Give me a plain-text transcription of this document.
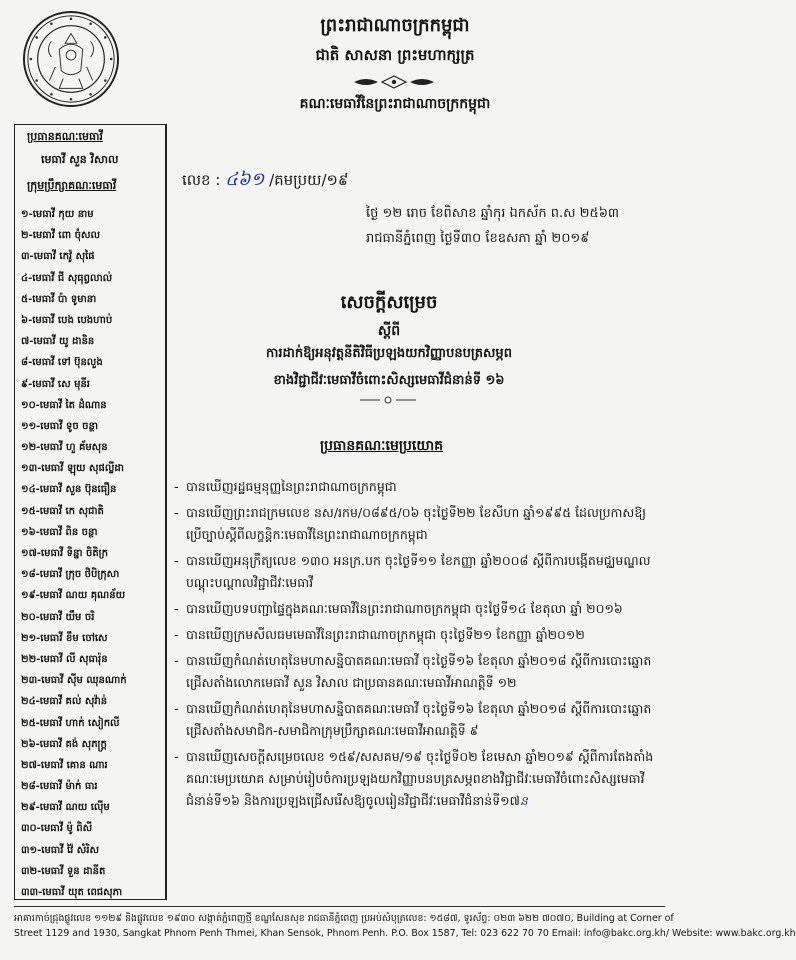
ព្រះរាជាណាចក្រកម្ពុជា
ជាតិ សាសនា ព្រះមហាក្សត្រ
គណៈមេធាវីនៃព្រះរាជាណាចក្រកម្ពុជា
ប្រធានគណៈមេធាវី
មេធាវី សួន វិសាល
ក្រុមប្រឹក្សាគណៈមេធាវី
១-មេធាវី កុយ នាម
២-មេធាវី ពោ ចុំសល
៣-មេធាវី កេវ៉ូ សុផៃ
៤-មេធាវី ជី សុធុព្វលាល់
៥-មេធាវី ប៉ា ទូមានា
៦-មេធាវី បេង បេងហាប់
៧-មេធាវី យូ ដានិន
៨-មេធាវី ទៅ ប៊ុនលួង
៩-មេធាវី សេ មុនីរ
១០-មេធាវី តៃ ដំណាន
១១-មេធាវី ទូច ចន្ថា
១២-មេធាវី ហួ គ័មសុន
១៣-មេធាវី ឡុយ សុផល្លីដា
១៤-មេធាវី សួន ប៊ុនធឿន
១៥-មេធាវី កេ សុជាតិ
១៦-មេធាវី ពិន ចន្ថា
១៧-មេធាវី ទិន្នា ចិតិក្រ
១៨-មេធាវី ក្រុច ថិបិក្រុសា
១៩-មេធាវី ណយ គុណន័យ
២០-មេធាវី យឹម ចរិ
២១-មេធាវី ខឹម ចៅសេ
២២-មេធាវី លី សុធារ៉ុន
២៣-មេធាវី ស៊ីម ឈុនណាក់
២៤-មេធាវី គល់ សុវ៉ាន់
២៥-មេធាវី ហាក់ សៀកលី
២៦-មេធាវី គង់ សុភក្រ្ត
២៧-មេធាវី គោន ណារ
២៨-មេធាវី ម៉ាក់ ធារ
២៩-មេធាវី ណយ ល៉ើម
៣០-មេធាវី ម៉ូ ពិសី
៣១-មេធាវី វ៉ៃ សំរិស
៣២-មេធាវី ទួន ដានីត
៣៣-មេធាវី យុត ពេជសុភា
លេខ : ៤៦១ /គមប្រយ/១៩
ថ្ងៃ ១២ រោច ខែពិសាខ ឆ្នាំកុរ ឯកស័ក ព.ស ២៥៦៣
រាជធានីភ្នំពេញ ថ្ងៃទី៣០ ខែឧសភា ឆ្នាំ ២០១៩
សេចក្តីសម្រេច
ស្តីពី
ការដាក់ឱ្យអនុវត្តនីតិវិធីប្រឡងយកវិញ្ញាបនបត្រសម្ភព
ខាងវិជ្ជាជីវៈមេធាវីចំពោះសិស្សមេធាវីជំនាន់ទី ១៦
ប្រធានគណៈមេប្រយោគ
- បានឃើញរដ្ឋធម្មនុញ្ញនៃព្រះរាជាណាចក្រកម្ពុជា
- បានឃើញព្រះរាជក្រមលេខ នស/រកម/០៨៩៥/០៦ ចុះថ្ងៃទី២២ ខែសីហា ឆ្នាំ១៩៩៥ ដែលប្រកាសឱ្យប្រើច្បាប់ស្តីពីលក្ខន្តិកៈមេធាវីនៃព្រះរាជាណាចក្រកម្ពុជា
- បានឃើញអនុក្រឹត្យលេខ ១៣០ អនក្រ.បក ចុះថ្ងៃទី១១ ខែកញ្ញា ឆ្នាំ២០០៨ ស្តីពីការបង្កើតមជ្ឈមណ្ឌលបណ្តុះបណ្តាលវិជ្ជាជីវៈមេធាវី
- បានឃើញបទបញ្ជាផ្ទៃក្នុងគណៈមេធាវីនៃព្រះរាជាណាចក្រកម្ពុជា ចុះថ្ងៃទី១៤ ខែតុលា ឆ្នាំ ២០១៦
- បានឃើញក្រមសីលធមមេធាវីនៃព្រះរាជាណាចក្រកម្ពុជា ចុះថ្ងៃទី២១ ខែកញ្ញា ឆ្នាំ២០១២
- បានឃើញកំណត់ហេតុនៃមហាសន្និបាតគណៈមេធាវី ចុះថ្ងៃទី១៦ ខែតុលា ឆ្នាំ២០១៨ ស្តីពីការបោះឆ្នោតជ្រើសតាំងលោកមេធាវី សួន វិសាល ជាប្រធានគណៈមេធាវីអាណត្តិទី ១២
- បានឃើញកំណត់ហេតុនៃមហាសន្និបាតគណៈមេធាវី ចុះថ្ងៃទី១៦ ខែតុលា ឆ្នាំ២០១៨ ស្តីពីការបោះឆ្នោតជ្រើសតាំងសមាជិក-សមាជិកាក្រុមប្រឹក្សាគណៈមេធាវីអាណត្តិទី ៩
- បានឃើញសេចក្តីសម្រេចលេខ ១៥៩/សសគម/១៩ ចុះថ្ងៃទី០២ ខែមេសា ឆ្នាំ២០១៩ ស្តីពីការតែងតាំងគណៈមេប្រយោគ សម្រាប់រៀបចំការប្រឡងយកវិញ្ញាបនបត្រសម្ភពខាងវិជ្ជាជីវៈមេធាវីចំពោះសិស្សមេធាវីជំនាន់ទី១៦ និងការប្រឡងជ្រើសរើសឱ្យចូលរៀនវិជ្ជាជីវៈមេធាវីជំនាន់ទី១៧ន
អាគារកាច់ជ្រុងផ្លូវលេខ ១១២៩ និងផ្លូវលេខ ១៩៣០ សង្កាត់ភ្នំពេញថ្មី ខណ្ឌសែនសុខ រាជធានីភ្នំពេញ ប្រអប់សំបុត្រលេខ: ១៥៨៧, ទូរស័ព្ទ: ០២៣ ៦២២ ៧០៧០, Building at Corner of
Street 1129 and 1930, Sangkat Phnom Penh Thmei, Khan Sensok, Phnom Penh. P.O. Box 1587, Tel: 023 622 70 70 Email: info@bakc.org.kh/ Website: www.bakc.org.kh
